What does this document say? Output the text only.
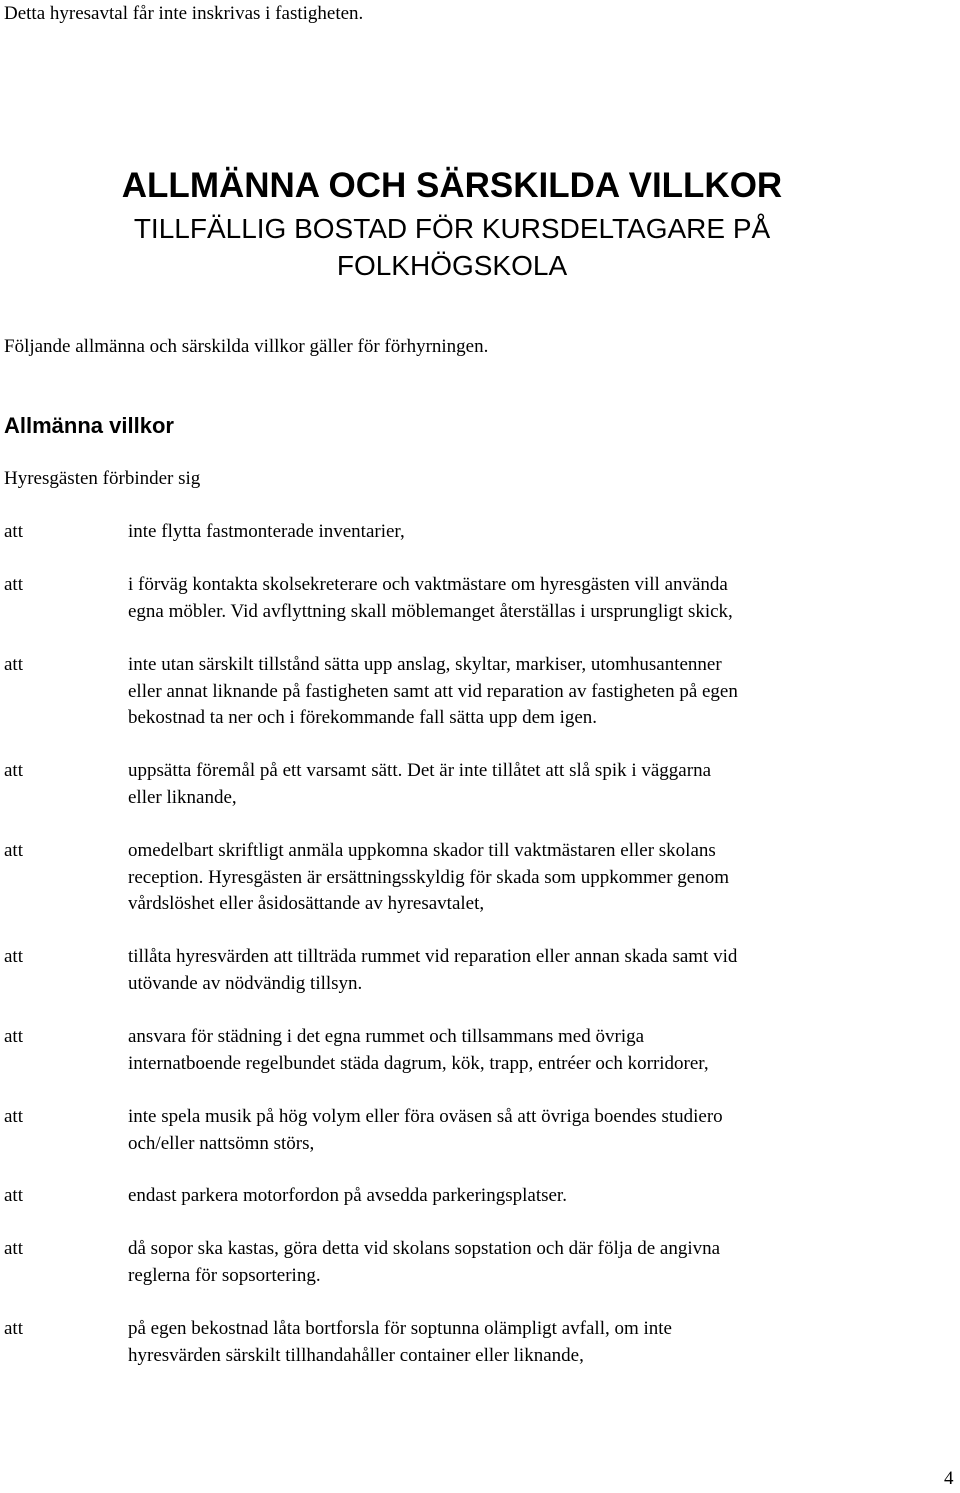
Detta hyresavtal får inte inskrivas i fastigheten.
ALLMÄNNA OCH SÄRSKILDA VILLKOR
TILLFÄLLIG BOSTAD FÖR KURSDELTAGARE PÅ
FOLKHÖGSKOLA
Följande allmänna och särskilda villkor gäller för förhyrningen.
Allmänna villkor
Hyresgästen förbinder sig
att	inte flytta fastmonterade inventarier,
att	i förväg kontakta skolsekreterare och vaktmästare om hyresgästen vill använda
egna möbler. Vid avflyttning skall möblemanget återställas i ursprungligt skick,
att	inte utan särskilt tillstånd sätta upp anslag, skyltar, markiser, utomhusantenner
eller annat liknande på fastigheten samt att vid reparation av fastigheten på egen
bekostnad ta ner och i förekommande fall sätta upp dem igen.
att	uppsätta föremål på ett varsamt sätt. Det är inte tillåtet att slå spik i väggarna
eller liknande,
att	omedelbart skriftligt anmäla uppkomna skador till vaktmästaren eller skolans
reception. Hyresgästen är ersättningsskyldig för skada som uppkommer genom
vårdslöshet eller åsidosättande av hyresavtalet,
att	tillåta hyresvärden att tillträda rummet vid reparation eller annan skada samt vid
utövande av nödvändig tillsyn.
att	ansvara för städning i det egna rummet och tillsammans med övriga
internatboende regelbundet städa dagrum, kök, trapp, entréer och korridorer,
att	inte spela musik på hög volym eller föra oväsen så att övriga boendes studiero
och/eller nattsömn störs,
att	endast parkera motorfordon på avsedda parkeringsplatser.
att	då sopor ska kastas, göra detta vid skolans sopstation och där följa de angivna
reglerna för sopsortering.
att	på egen bekostnad låta bortforsla för soptunna olämpligt avfall, om inte
hyresvärden särskilt tillhandahåller container eller liknande,
4
